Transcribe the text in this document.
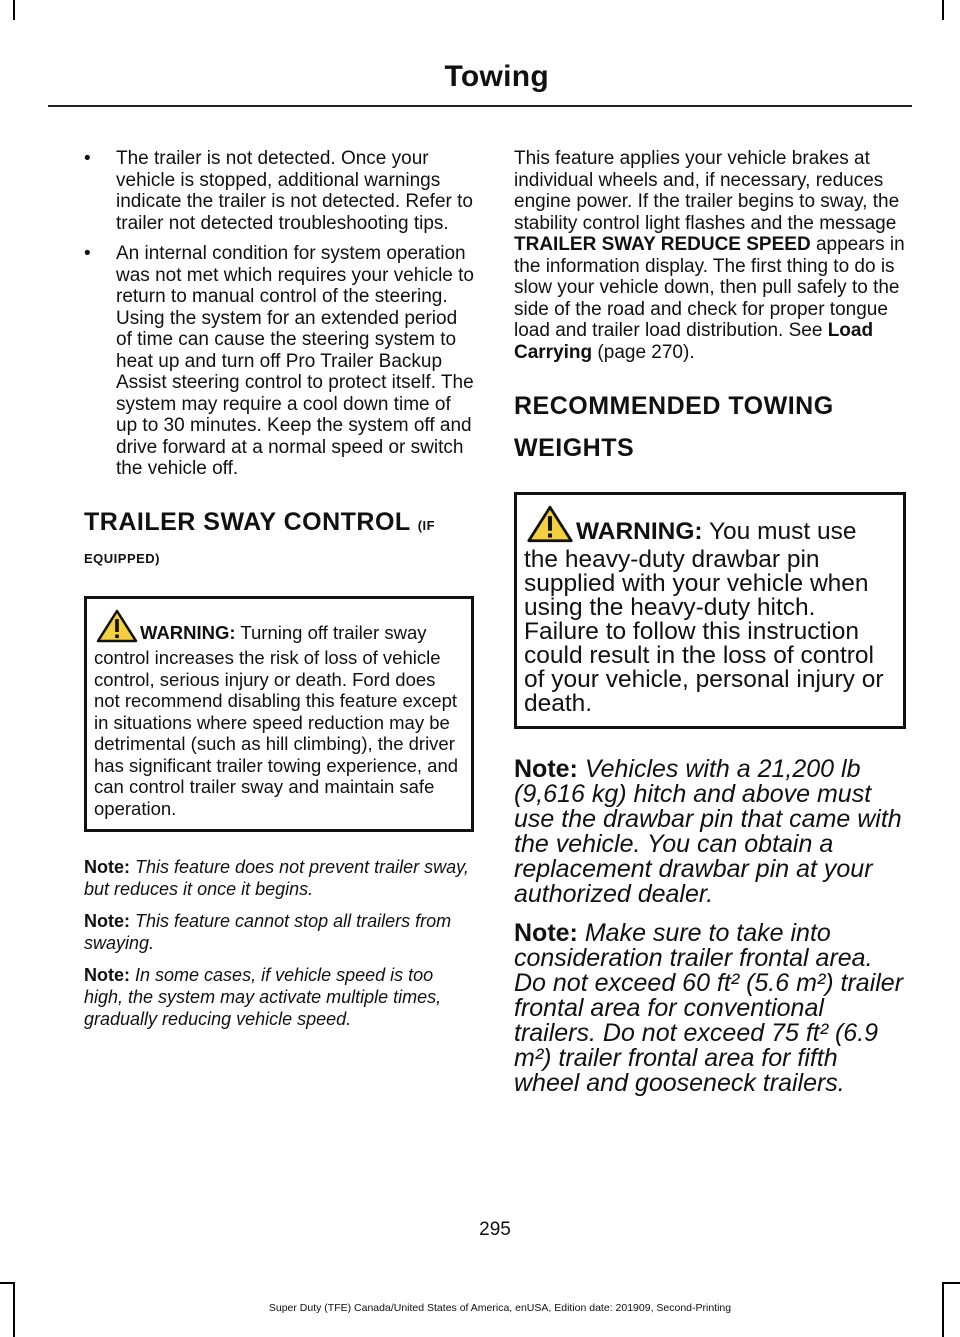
Towing
• The trailer is not detected. Once your vehicle is stopped, additional warnings indicate the trailer is not detected. Refer to trailer not detected troubleshooting tips.
• An internal condition for system operation was not met which requires your vehicle to return to manual control of the steering. Using the system for an extended period of time can cause the steering system to heat up and turn off Pro Trailer Backup Assist steering control to protect itself. The system may require a cool down time of up to 30 minutes. Keep the system off and drive forward at a normal speed or switch the vehicle off.
TRAILER SWAY CONTROL (IF
EQUIPPED)

WARNING: Turning off trailer sway control increases the risk of loss of vehicle control, serious injury or death. Ford does not recommend disabling this feature except in situations where speed reduction may be detrimental (such as hill climbing), the driver has significant trailer towing experience, and can control trailer sway and maintain safe operation.

Note: This feature does not prevent trailer sway, but reduces it once it begins.

Note: This feature cannot stop all trailers from swaying.

Note: In some cases, if vehicle speed is too high, the system may activate multiple times, gradually reducing vehicle speed.

This feature applies your vehicle brakes at individual wheels and, if necessary, reduces engine power. If the trailer begins to sway, the stability control light flashes and the message TRAILER SWAY REDUCE SPEED appears in the information display. The first thing to do is slow your vehicle down, then pull safely to the side of the road and check for proper tongue load and trailer load distribution. See Load Carrying (page 270).

RECOMMENDED TOWING
WEIGHTS

WARNING: You must use the heavy-duty drawbar pin supplied with your vehicle when using the heavy-duty hitch. Failure to follow this instruction could result in the loss of control of your vehicle, personal injury or death.

Note: Vehicles with a 21,200 lb (9,616 kg) hitch and above must use the drawbar pin that came with the vehicle. You can obtain a replacement drawbar pin at your authorized dealer.

Note: Make sure to take into consideration trailer frontal area. Do not exceed 60 ft² (5.6 m²) trailer frontal area for conventional trailers. Do not exceed 75 ft² (6.9 m²) trailer frontal area for fifth wheel and gooseneck trailers.

295
Super Duty (TFE) Canada/United States of America, enUSA, Edition date: 201909, Second-Printing
